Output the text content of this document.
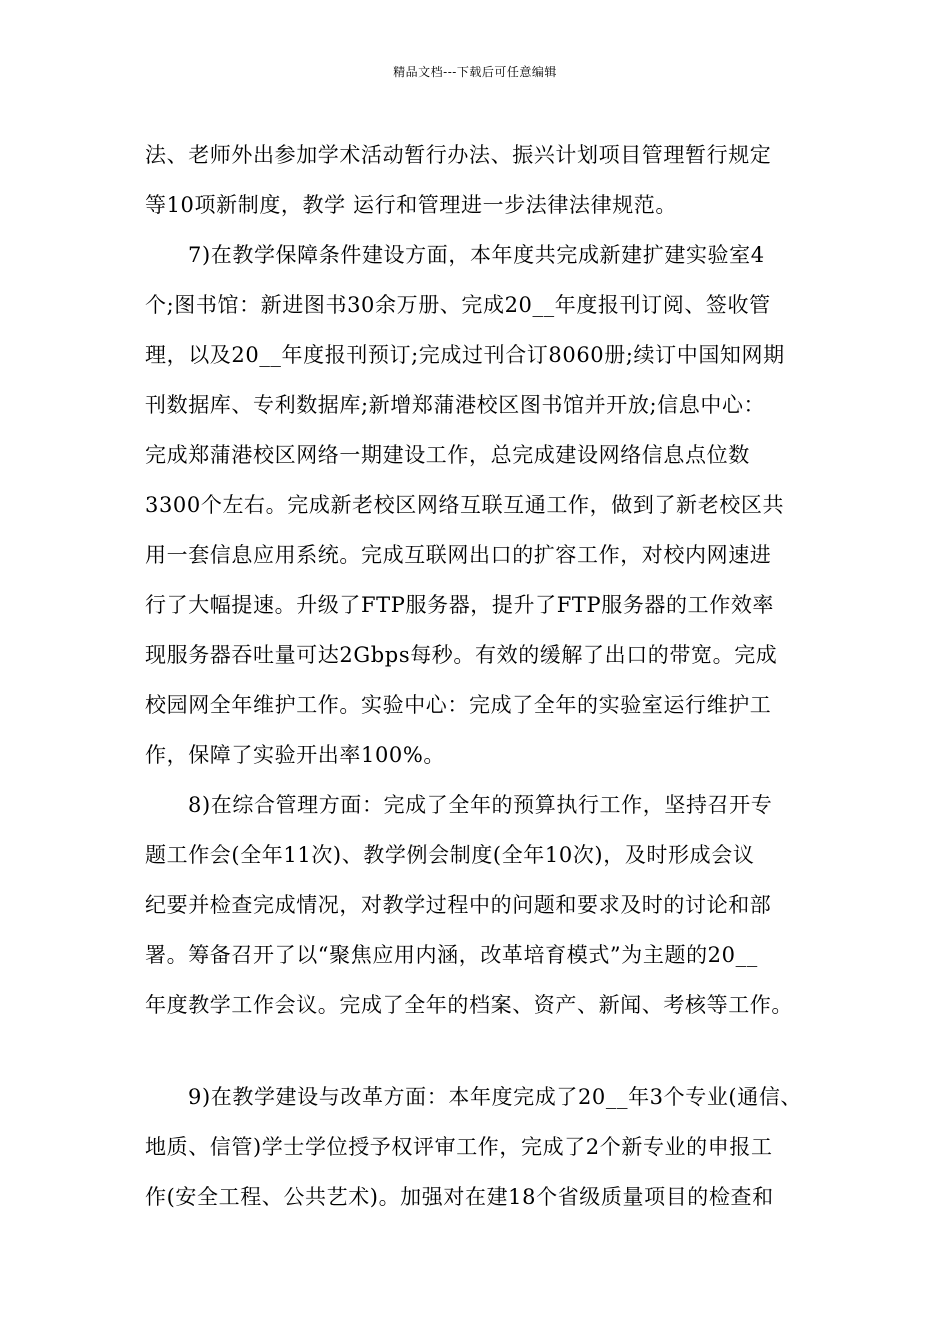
精品文档---下载后可任意编辑
法、老师外出参加学术活动暂行办法、振兴计划项目管理暂行规定
等10项新制度，教学 运行和管理进一步法律法律规范。
7)在教学保障条件建设方面，本年度共完成新建扩建实验室4
个;图书馆：新进图书30余万册、完成20__年度报刊订阅、签收管
理，以及20__年度报刊预订;完成过刊合订8060册;续订中国知网期
刊数据库、专利数据库;新增郑蒲港校区图书馆并开放;信息中心：
完成郑蒲港校区网络一期建设工作，总完成建设网络信息点位数
3300个左右。完成新老校区网络互联互通工作，做到了新老校区共
用一套信息应用系统。完成互联网出口的扩容工作，对校内网速进
行了大幅提速。升级了FTP服务器，提升了FTP服务器的工作效率
现服务器吞吐量可达2Gbps每秒。有效的缓解了出口的带宽。完成
校园网全年维护工作。实验中心：完成了全年的实验室运行维护工
作，保障了实验开出率100%。
8)在综合管理方面：完成了全年的预算执行工作，坚持召开专
题工作会(全年11次)、教学例会制度(全年10次)，及时形成会议
纪要并检查完成情况，对教学过程中的问题和要求及时的讨论和部
署。筹备召开了以“聚焦应用内涵，改革培育模式”为主题的20__
年度教学工作会议。完成了全年的档案、资产、新闻、考核等工作。
9)在教学建设与改革方面：本年度完成了20__年3个专业(通信、
地质、信管)学士学位授予权评审工作，完成了2个新专业的申报工
作(安全工程、公共艺术)。加强对在建18个省级质量项目的检查和
